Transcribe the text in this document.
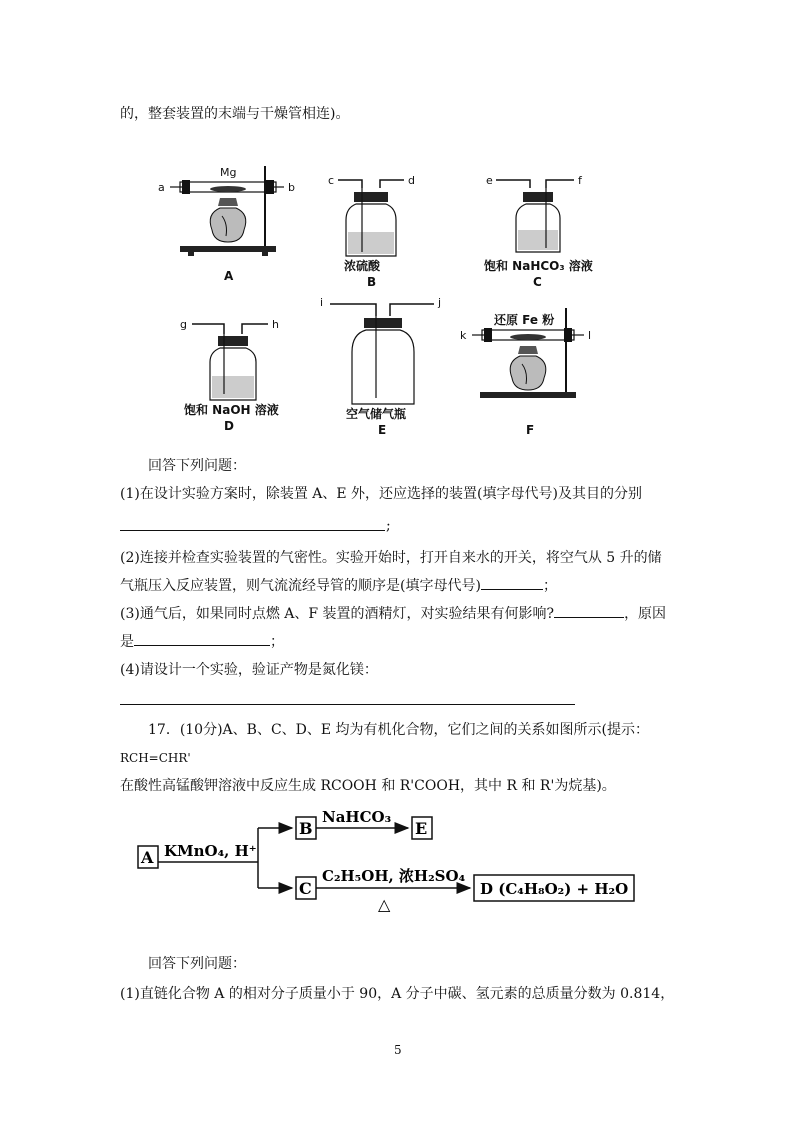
的，整套装置的末端与干燥管相连)。
a
Mg
A
b
c	d
浓硫酸
B
e	f
饱和 NaHCO₃ 溶液
C
g	h
饱和 NaOH 溶液
D
i	j
空气储气瓶
E
k	l
还原 Fe 粉
F
回答下列问题：
(1)在设计实验方案时，除装置 A、E 外，还应选择的装置(填字母代号)及其目的分别
;
(2)连接并检查实验装置的气密性。实验开始时，打开自来水的开关，将空气从 5 升的储
气瓶压入反应装置，则气流流经导管的顺序是(填字母代号)	；
(3)通气后，如果同时点燃 A、F 装置的酒精灯，对实验结果有何影响?	，原因
是	；
(4)请设计一个实验，验证产物是氮化镁：
17．(10分)A、B、C、D、E 均为有机化合物，它们之间的关系如图所示(提示：
RCH=CHR'
在酸性高锰酸钾溶液中反应生成 RCOOH 和 R'COOH，其中 R 和 R'为烷基)。
A KMnO₄, H⁺
B
NaHCO₃
E
C
C₂H₅OH, 浓H₂SO₄
△
D (C₄H₈O₂) + H₂O
回答下列问题：
(1)直链化合物 A 的相对分子质量小于 90，A 分子中碳、氢元素的总质量分数为 0.814，
5
